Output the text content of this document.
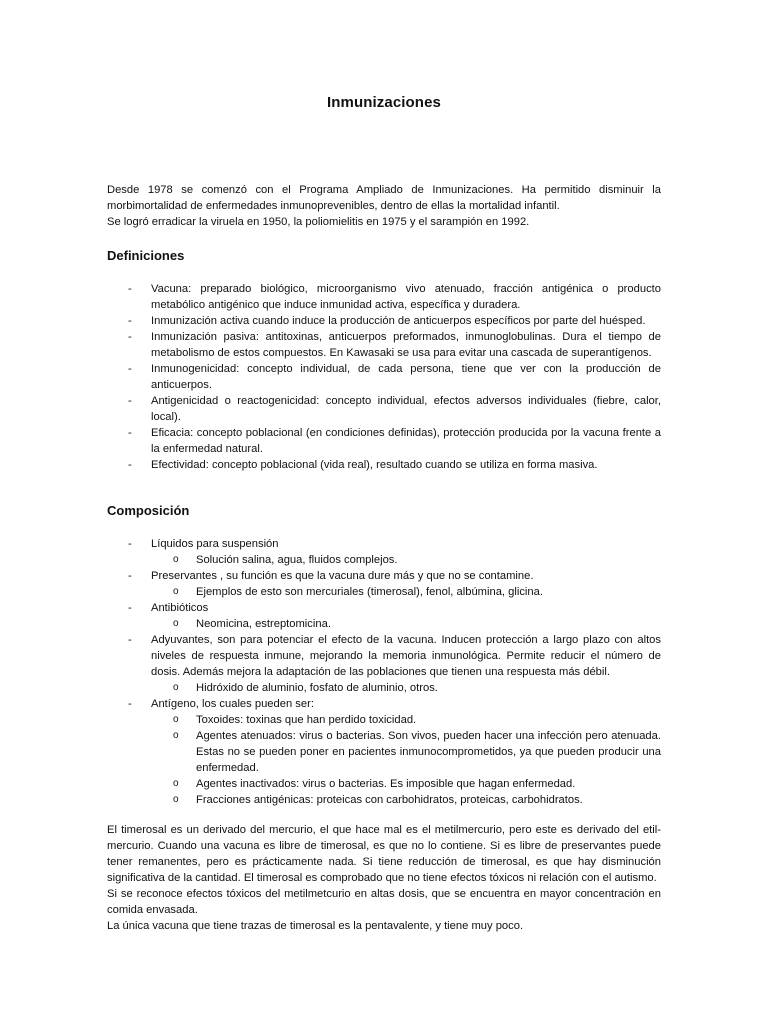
Inmunizaciones
Desde 1978 se comenzó con el Programa Ampliado de Inmunizaciones. Ha permitido disminuir la morbimortalidad de enfermedades inmunoprevenibles, dentro de ellas la mortalidad infantil.
Se logró erradicar la viruela en 1950, la poliomielitis en 1975 y el sarampión en 1992.
Definiciones
- Vacuna: preparado biológico, microorganismo vivo atenuado, fracción antigénica o producto metabólico antigénico que induce inmunidad activa, específica y duradera.
- Inmunización activa cuando induce la producción de anticuerpos específicos por parte del huésped.
- Inmunización pasiva: antitoxinas, anticuerpos preformados, inmunoglobulinas. Dura el tiempo de metabolismo de estos compuestos. En Kawasaki se usa para evitar una cascada de superantígenos.
- Inmunogenicidad: concepto individual, de cada persona, tiene que ver con la producción de anticuerpos.
- Antigenicidad o reactogenicidad: concepto individual, efectos adversos individuales (fiebre, calor, local).
- Eficacia: concepto poblacional (en condiciones definidas), protección producida por la vacuna frente a la enfermedad natural.
- Efectividad: concepto poblacional (vida real), resultado cuando se utiliza en forma masiva.
Composición
- Líquidos para suspensión
o Solución salina, agua, fluidos complejos.
- Preservantes , su función es que la vacuna dure más y que no se contamine.
o Ejemplos de esto son mercuriales (timerosal), fenol, albúmina, glicina.
- Antibióticos
o Neomicina, estreptomicina.
- Adyuvantes, son para potenciar el efecto de la vacuna. Inducen protección a largo plazo con altos niveles de respuesta inmune, mejorando la memoria inmunológica. Permite reducir el número de dosis. Además mejora la adaptación de las poblaciones que tienen una respuesta más débil.
o Hidróxido de aluminio, fosfato de aluminio, otros.
- Antígeno, los cuales pueden ser:
o Toxoides: toxinas que han perdido toxicidad.
o Agentes atenuados: virus o bacterias. Son vivos, pueden hacer una infección pero atenuada. Estas no se pueden poner en pacientes inmunocomprometidos, ya que pueden producir una enfermedad.
o Agentes inactivados: virus o bacterias. Es imposible que hagan enfermedad.
o Fracciones antigénicas: proteicas con carbohidratos, proteicas, carbohidratos.
El timerosal es un derivado del mercurio, el que hace mal es el metilmercurio, pero este es derivado del etil-mercurio. Cuando una vacuna es libre de timerosal, es que no lo contiene. Si es libre de preservantes puede tener remanentes, pero es prácticamente nada. Si tiene reducción de timerosal, es que hay disminución significativa de la cantidad. El timerosal es comprobado que no tiene efectos tóxicos ni relación con el autismo.
Si se reconoce efectos tóxicos del metilmetcurio en altas dosis, que se encuentra en mayor concentración en comida envasada.
La única vacuna que tiene trazas de timerosal es la pentavalente, y tiene muy poco.
